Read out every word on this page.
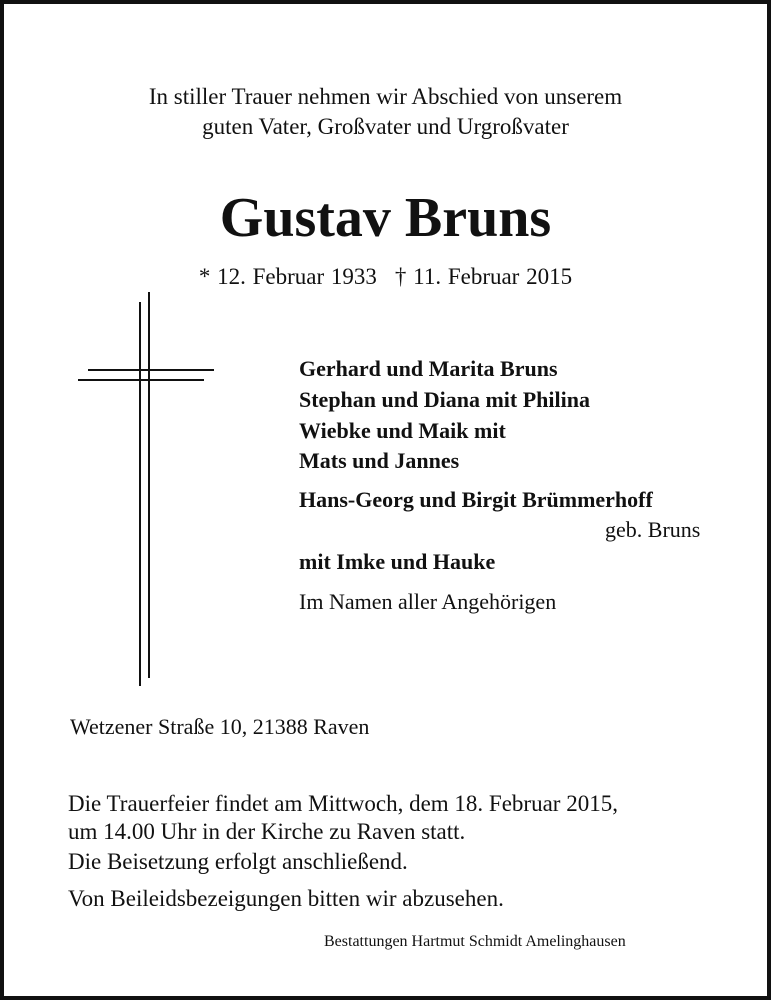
In stiller Trauer nehmen wir Abschied von unserem
guten Vater, Großvater und Urgroßvater
Gustav Bruns
* 12. Februar 1933 † 11. Februar 2015
Gerhard und Marita Bruns
Stephan und Diana mit Philina
Wiebke und Maik mit
Mats und Jannes
Hans-Georg und Birgit Brümmerhoff
geb. Bruns
mit Imke und Hauke
Im Namen aller Angehörigen
Wetzener Straße 10, 21388 Raven
Die Trauerfeier findet am Mittwoch, dem 18. Februar 2015,
um 14.00 Uhr in der Kirche zu Raven statt.
Die Beisetzung erfolgt anschließend.
Von Beileidsbezeigungen bitten wir abzusehen.
Bestattungen Hartmut Schmidt Amelinghausen
